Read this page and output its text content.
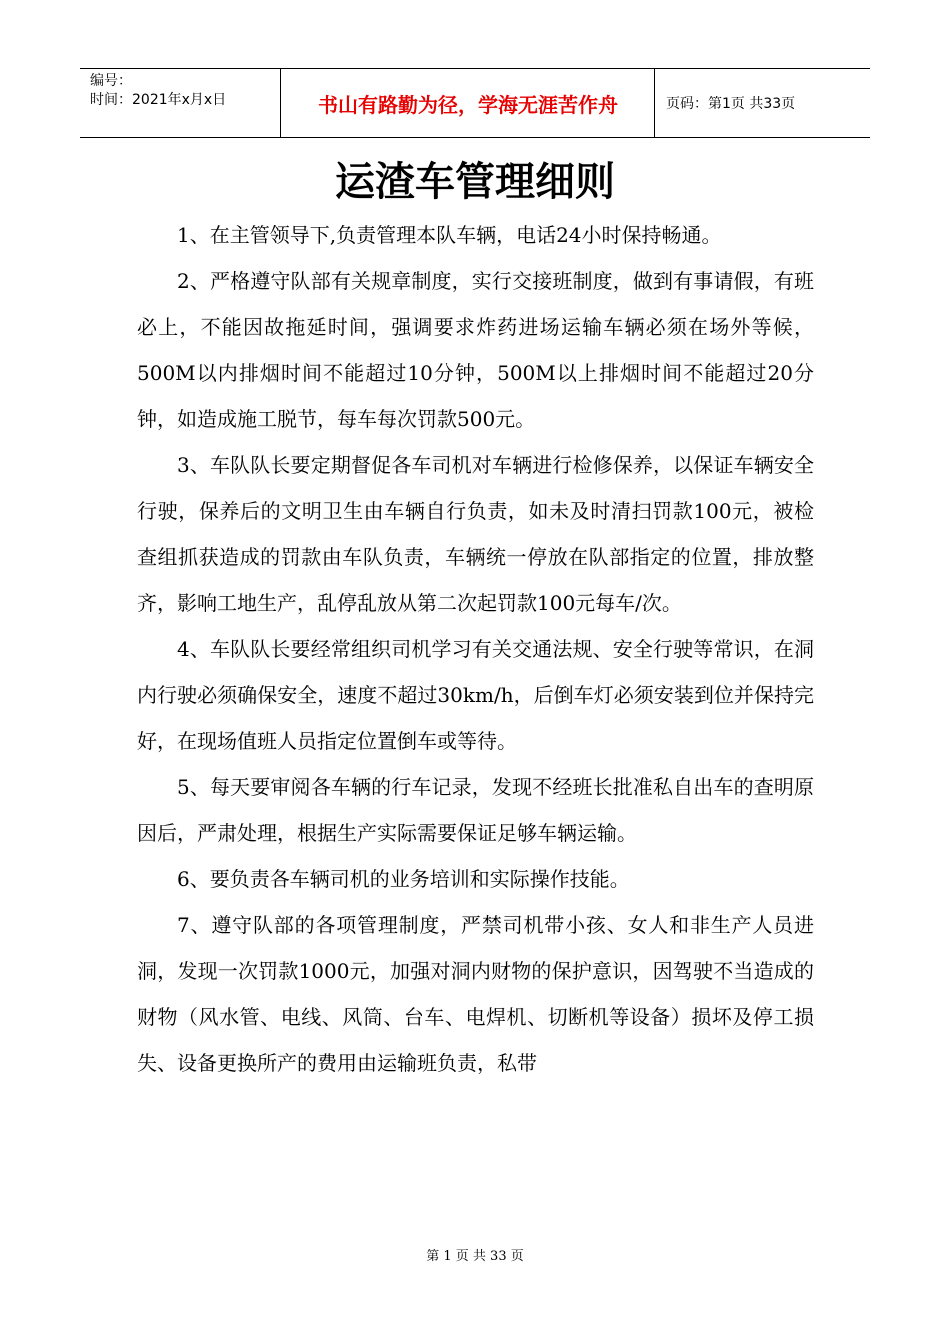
编号：
时间：2021年x月x日	书山有路勤为径，学海无涯苦作舟	页码：第1页 共33页
运渣车管理细则

1、在主管领导下,负责管理本队车辆，电话24小时保持畅通。

2、严格遵守队部有关规章制度，实行交接班制度，做到有事请假，有班必上，不能因故拖延时间，强调要求炸药进场运输车辆必须在场外等候，500M以内排烟时间不能超过10分钟，500M以上排烟时间不能超过20分钟，如造成施工脱节，每车每次罚款500元。

3、车队队长要定期督促各车司机对车辆进行检修保养，以保证车辆安全行驶，保养后的文明卫生由车辆自行负责，如未及时清扫罚款100元，被检查组抓获造成的罚款由车队负责，车辆统一停放在队部指定的位置，排放整齐，影响工地生产，乱停乱放从第二次起罚款100元每车/次。

4、车队队长要经常组织司机学习有关交通法规、安全行驶等常识，在洞内行驶必须确保安全，速度不超过30km/h，后倒车灯必须安装到位并保持完好，在现场值班人员指定位置倒车或等待。

5、每天要审阅各车辆的行车记录，发现不经班长批准私自出车的查明原因后，严肃处理，根据生产实际需要保证足够车辆运输。

6、要负责各车辆司机的业务培训和实际操作技能。

7、遵守队部的各项管理制度，严禁司机带小孩、女人和非生产人员进洞，发现一次罚款1000元，加强对洞内财物的保护意识，因驾驶不当造成的财物（风水管、电线、风筒、台车、电焊机、切断机等设备）损坏及停工损失、设备更换所产的费用由运输班负责，私带

第 1 页 共 33 页
